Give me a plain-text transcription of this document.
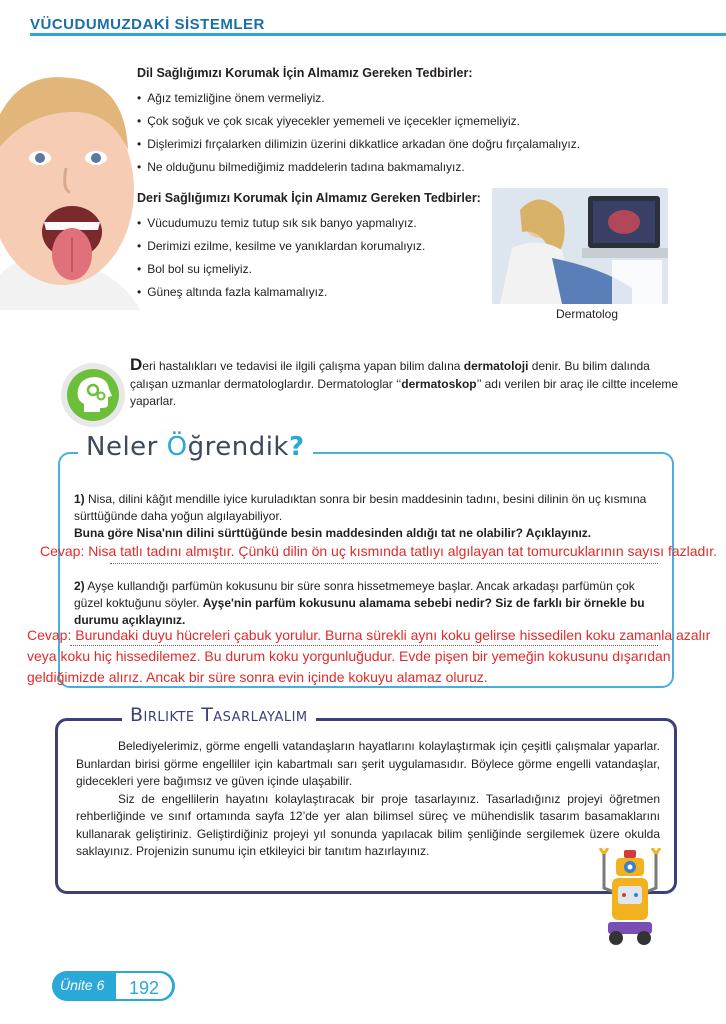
VÜCUDUMUZDAKİ SİSTEMLER
Dil Sağlığımızı Korumak İçin Almamız Gereken Tedbirler:
• Ağız temizliğine önem vermeliyiz.
• Çok soğuk ve çok sıcak yiyecekler yememeli ve içecekler içmemeliyiz.
• Dişlerimizi fırçalarken dilimizin üzerini dikkatlice arkadan öne doğru fırçalamalıyız.
• Ne olduğunu bilmediğimiz maddelerin tadına bakmamalıyız.
Deri Sağlığımızı Korumak İçin Almamız Gereken Tedbirler:
• Vücudumuzu temiz tutup sık sık banyo yapmalıyız.
• Derimizi ezilme, kesilme ve yanıklardan korumalıyız.
• Bol bol su içmeliyiz.
• Güneş altında fazla kalmamalıyız.
Dermatolog
Deri hastalıkları ve tedavisi ile ilgili çalışma yapan bilim dalına dermatoloji denir. Bu bilim dalında çalışan uzmanlar dermatologlardır. Dermatologlar ‘‘dermatoskop’’ adı verilen bir araç ile ciltte inceleme yaparlar.
Neler Öğrendik?
1) Nisa, dilini kâğıt mendille iyice kuruladıktan sonra bir besin maddesinin tadını, besini dilinin ön uç kısmına sürttüğünde daha yoğun algılayabiliyor.
Buna göre Nisa'nın dilini sürttüğünde besin maddesinden aldığı tat ne olabilir? Açıklayınız.
Cevap: Nisa tatlı tadını almıştır. Çünkü dilin ön uç kısmında tatlıyı algılayan tat tomurcuklarının sayısı fazladır.
2) Ayşe kullandığı parfümün kokusunu bir süre sonra hissetmemeye başlar. Ancak arkadaşı parfümün çok güzel koktuğunu söyler. Ayşe'nin parfüm kokusunu alamama sebebi nedir? Siz de farklı bir örnekle bu durumu açıklayınız.
Cevap: Burundaki duyu hücreleri çabuk yorulur. Burna sürekli aynı koku gelirse hissedilen koku zamanla azalır veya koku hiç hissedilemez. Bu durum koku yorgunluğudur. Evde pişen bir yemeğin kokusunu dışarıdan geldiğimizde alırız. Ancak bir süre sonra evin içinde kokuyu alamaz oluruz.
Birlikte Tasarlayalım

Belediyelerimiz, görme engelli vatandaşların hayatlarını kolaylaştırmak için çeşitli çalışmalar yaparlar. Bunlardan birisi görme engelliler için kabartmalı sarı şerit uygulamasıdır. Böylece görme engelli vatandaşlar, gidecekleri yere bağımsız ve güven içinde ulaşabilir.

Siz de engellilerin hayatını kolaylaştıracak bir proje tasarlayınız. Tasarladığınız projeyi öğretmen rehberliğinde ve sınıf ortamında sayfa 12’de yer alan bilimsel süreç ve mühendislik tasarım basamaklarını kullanarak geliştiriniz. Geliştirdiğiniz projeyi yıl sonunda yapılacak bilim şenliğinde sergilemek üzere okulda saklayınız. Projenizin sunumu için etkileyici bir tanıtım hazırlayınız.

Ünite 6	192
